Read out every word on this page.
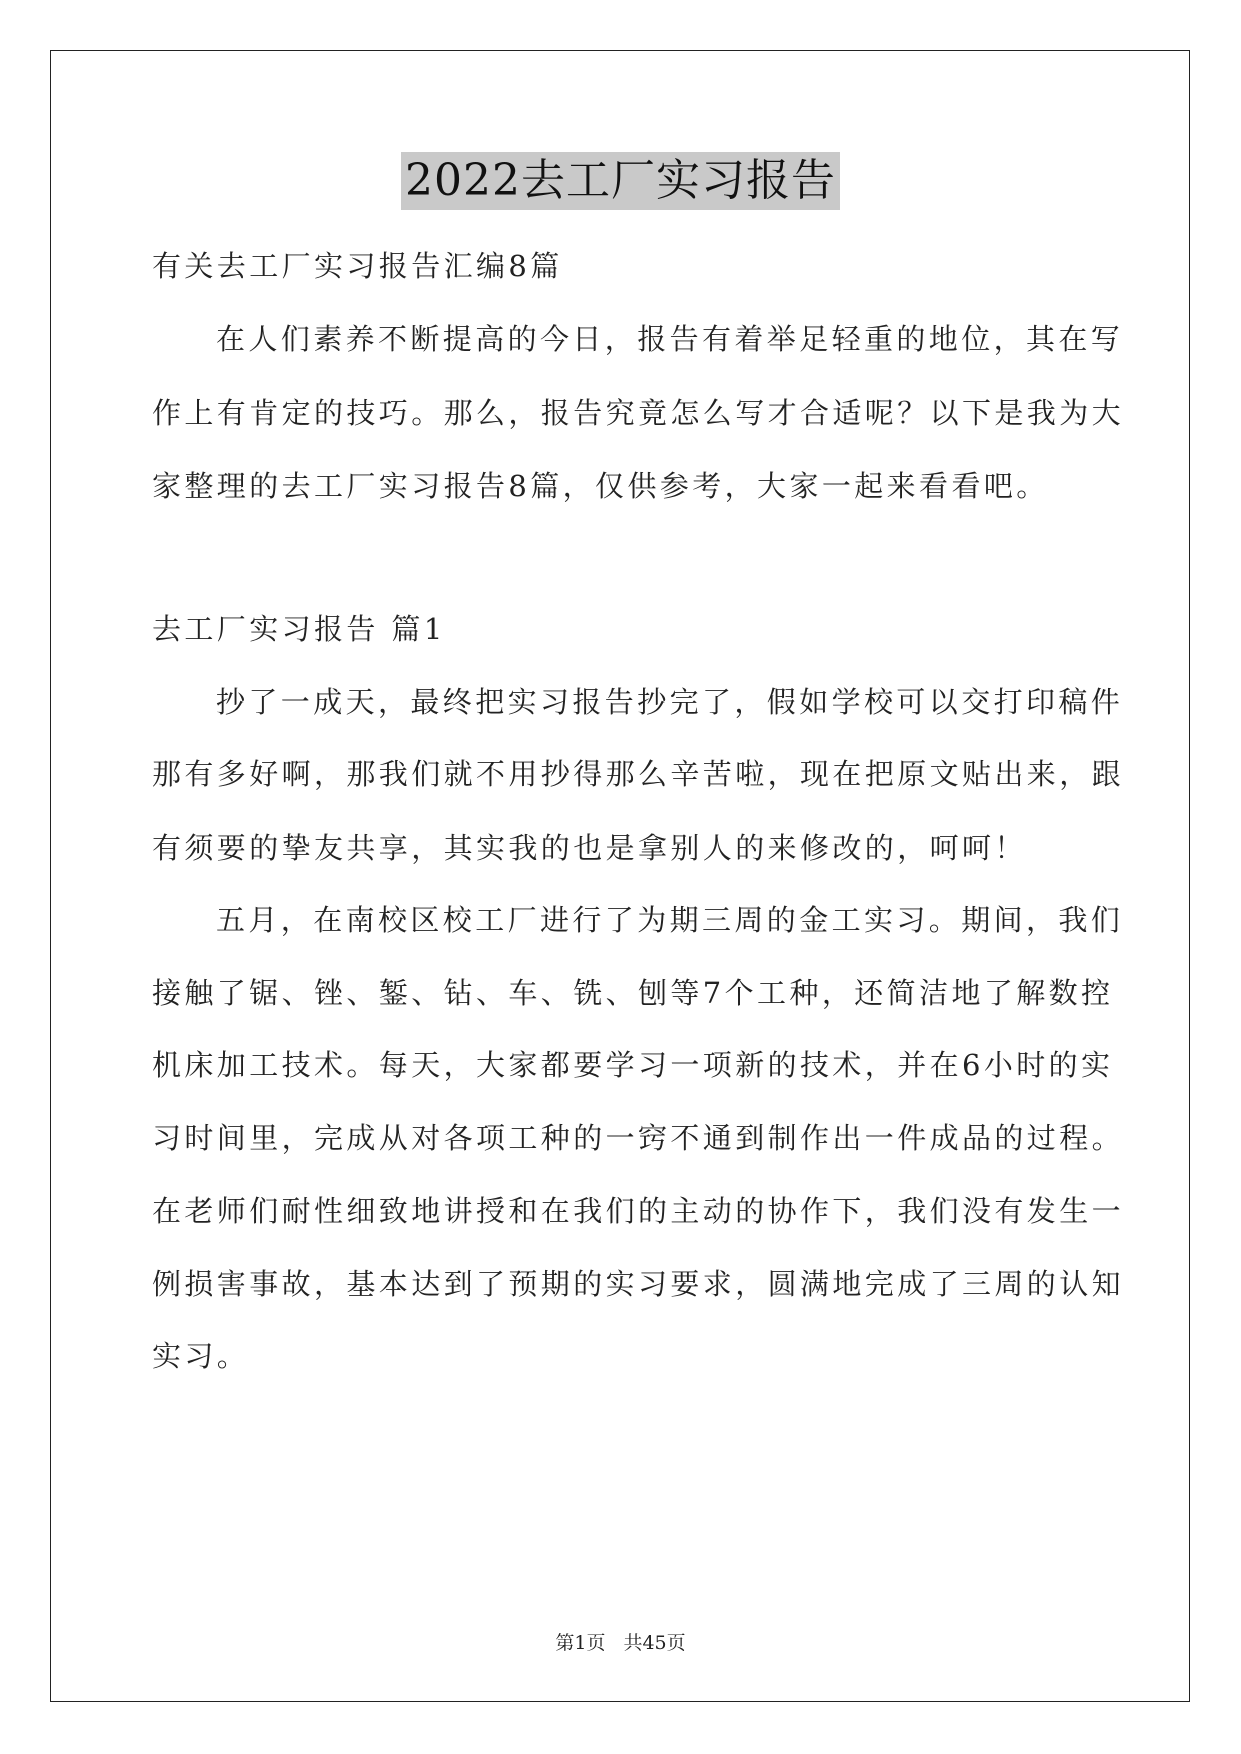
2022去工厂实习报告
有关去工厂实习报告汇编8篇
在人们素养不断提高的今日，报告有着举足轻重的地位，其在写
作上有肯定的技巧。那么，报告究竟怎么写才合适呢？以下是我为大
家整理的去工厂实习报告8篇，仅供参考，大家一起来看看吧。
去工厂实习报告 篇1
抄了一成天，最终把实习报告抄完了，假如学校可以交打印稿件
那有多好啊，那我们就不用抄得那么辛苦啦，现在把原文贴出来，跟
有须要的挚友共享，其实我的也是拿别人的来修改的，呵呵！
五月，在南校区校工厂进行了为期三周的金工实习。期间，我们
接触了锯、锉、錾、钻、车、铣、刨等7个工种，还简洁地了解数控
机床加工技术。每天，大家都要学习一项新的技术，并在6小时的实
习时间里，完成从对各项工种的一窍不通到制作出一件成品的过程。
在老师们耐性细致地讲授和在我们的主动的协作下，我们没有发生一
例损害事故，基本达到了预期的实习要求，圆满地完成了三周的认知
实习。
第1页 共45页
